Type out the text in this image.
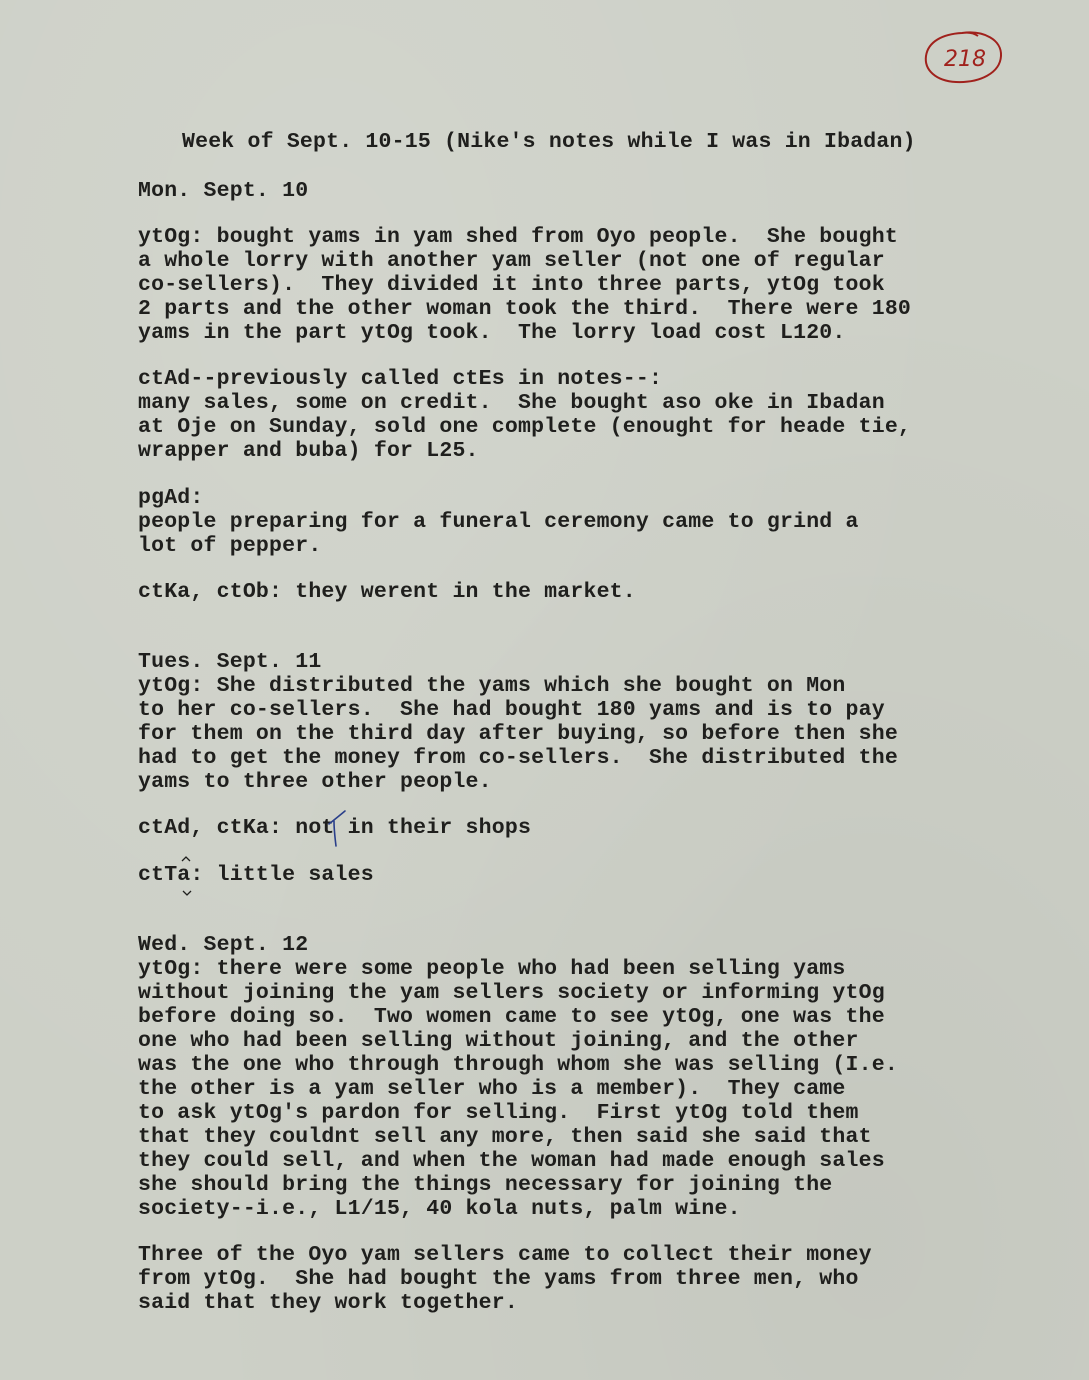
218

Week of Sept. 10-15 (Nike's notes while I was in Ibadan)

Mon. Sept. 10

ytOg: bought yams in yam shed from Oyo people.  She bought

a whole lorry with another yam seller (not one of regular

co-sellers).  They divided it into three parts, ytOg took

2 parts and the other woman took the third.  There were 180

yams in the part ytOg took.  The lorry load cost L120.

ctAd--previously called ctEs in notes--:

many sales, some on credit.  She bought aso oke in Ibadan

at Oje on Sunday, sold one complete (enought for heade tie,

wrapper and buba) for L25.

pgAd:

people preparing for a funeral ceremony came to grind a

lot of pepper.

ctKa, ctOb: they werent in the market.

Tues. Sept. 11

ytOg: She distributed the yams which she bought on Mon

to her co-sellers.  She had bought 180 yams and is to pay

for them on the third day after buying, so before then she

had to get the money from co-sellers.  She distributed the

yams to three other people.

ctAd, ctKa: not in their shops

ctTa: little sales

Wed. Sept. 12

ytOg: there were some people who had been selling yams

without joining the yam sellers society or informing ytOg

before doing so.  Two women came to see ytOg, one was the

one who had been selling without joining, and the other

was the one who through through whom she was selling (I.e.

the other is a yam seller who is a member).  They came

to ask ytOg's pardon for selling.  First ytOg told them

that they couldnt sell any more, then said she said that

they could sell, and when the woman had made enough sales

she should bring the things necessary for joining the

society--i.e., L1/15, 40 kola nuts, palm wine.

Three of the Oyo yam sellers came to collect their money

from ytOg.  She had bought the yams from three men, who

said that they work together.
